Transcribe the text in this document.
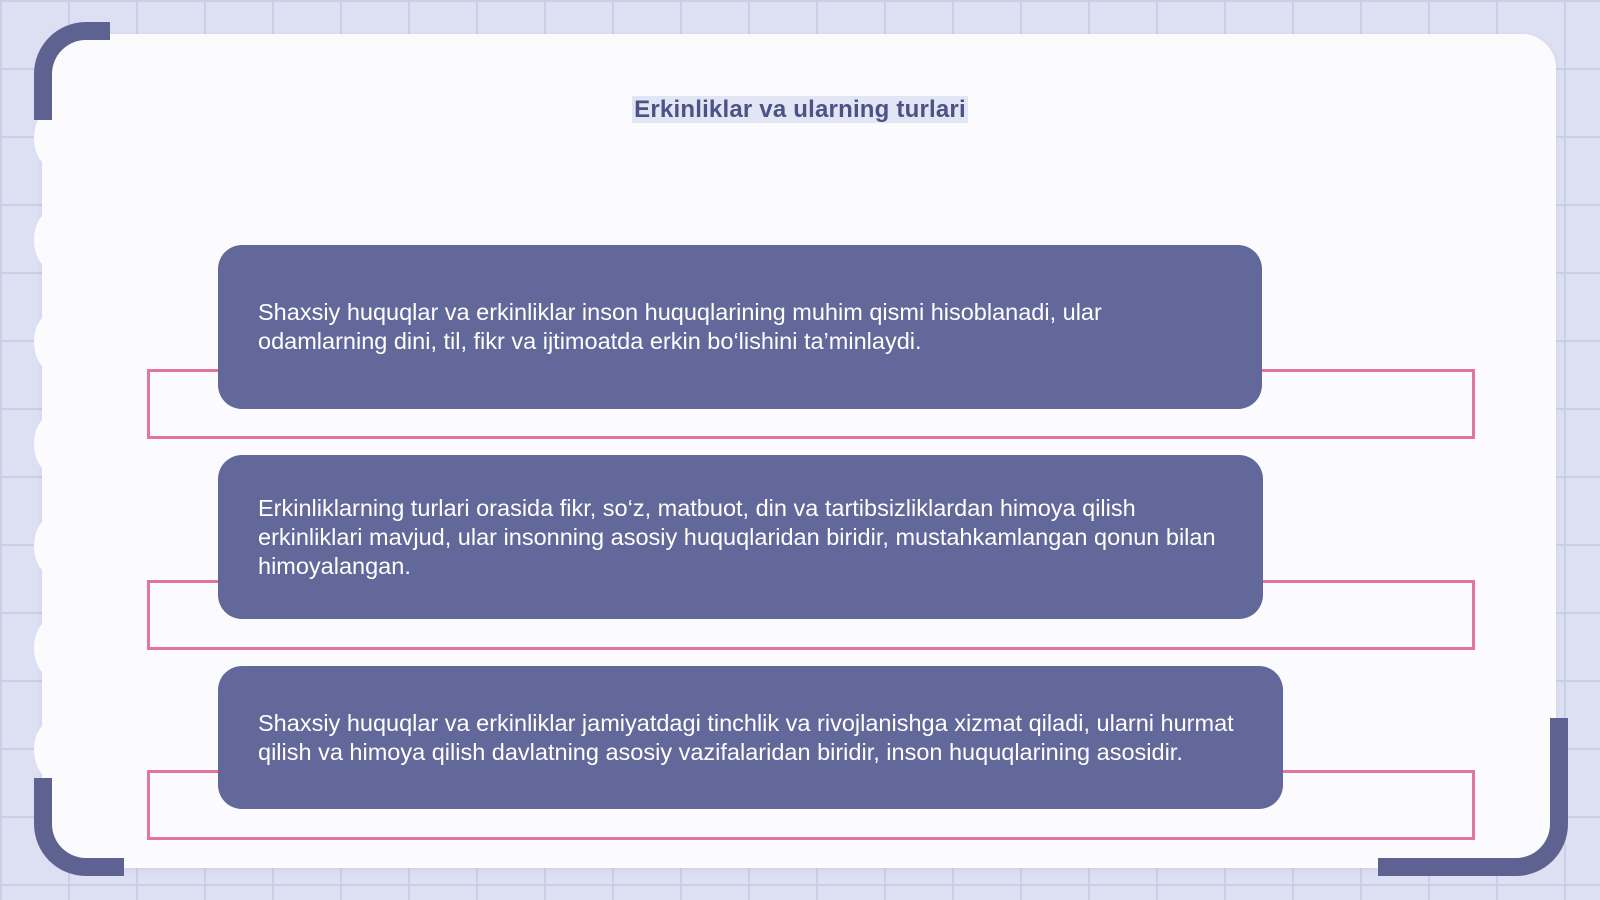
Erkinliklar va ularning turlari

Shaxsiy huquqlar va erkinliklar inson huquqlarining muhim qismi hisoblanadi, ular odamlarning dini, til, fikr va ijtimoatda erkin bo‘lishini ta’minlaydi.

Erkinliklarning turlari orasida fikr, so‘z, matbuot, din va tartibsizliklardan himoya qilish erkinliklari mavjud, ular insonning asosiy huquqlaridan biridir, mustahkamlangan qonun bilan himoyalangan.

Shaxsiy huquqlar va erkinliklar jamiyatdagi tinchlik va rivojlanishga xizmat qiladi, ularni hurmat qilish va himoya qilish davlatning asosiy vazifalaridan biridir, inson huquqlarining asosidir.
